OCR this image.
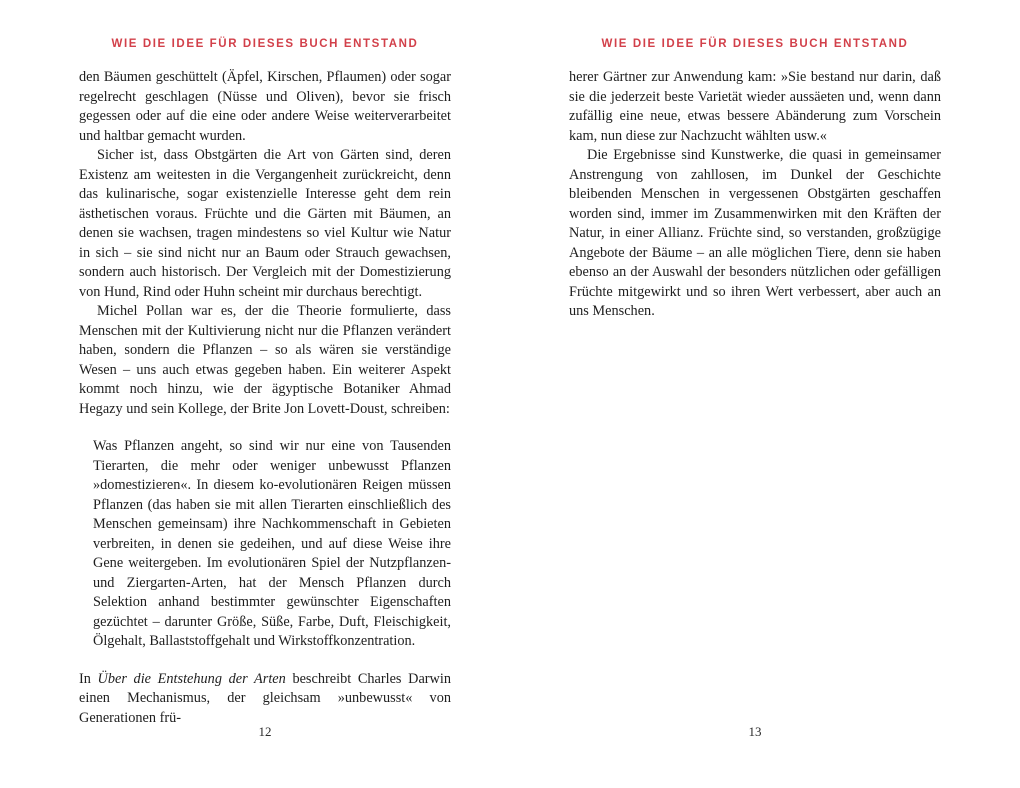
WIE DIE IDEE FÜR DIESES BUCH ENTSTAND

den Bäumen geschüttelt (Äpfel, Kirschen, Pflaumen) oder sogar regelrecht geschlagen (Nüsse und Oliven), bevor sie frisch gegessen oder auf die eine oder andere Weise weiterverarbeitet und haltbar gemacht wurden.

Sicher ist, dass Obstgärten die Art von Gärten sind, deren Existenz am weitesten in die Vergangenheit zurückreicht, denn das kulinarische, sogar existenzielle Interesse geht dem rein ästhetischen voraus. Früchte und die Gärten mit Bäumen, an denen sie wachsen, tragen mindestens so viel Kultur wie Natur in sich – sie sind nicht nur an Baum oder Strauch gewachsen, sondern auch historisch. Der Vergleich mit der Domestizierung von Hund, Rind oder Huhn scheint mir durchaus berechtigt.

Michel Pollan war es, der die Theorie formulierte, dass Menschen mit der Kultivierung nicht nur die Pflanzen verändert haben, sondern die Pflanzen – so als wären sie verständige Wesen – uns auch etwas gegeben haben. Ein weiterer Aspekt kommt noch hinzu, wie der ägyptische Botaniker Ahmad Hegazy und sein Kollege, der Brite Jon Lovett-Doust, schreiben:

Was Pflanzen angeht, so sind wir nur eine von Tausenden Tierarten, die mehr oder weniger unbewusst Pflanzen »domestizieren«. In diesem ko-evolutionären Reigen müssen Pflanzen (das haben sie mit allen Tierarten einschließlich des Menschen gemeinsam) ihre Nachkommenschaft in Gebieten verbreiten, in denen sie gedeihen, und auf diese Weise ihre Gene weitergeben. Im evolutionären Spiel der Nutzpflanzen- und Ziergarten-Arten, hat der Mensch Pflanzen durch Selektion anhand bestimmter gewünschter Eigenschaften gezüchtet – darunter Größe, Süße, Farbe, Duft, Fleischigkeit, Ölgehalt, Ballaststoffgehalt und Wirkstoffkonzentration.

In Über die Entstehung der Arten beschreibt Charles Darwin einen Mechanismus, der gleichsam »unbewusst« von Generationen frü-

12
WIE DIE IDEE FÜR DIESES BUCH ENTSTAND

herer Gärtner zur Anwendung kam: »Sie bestand nur darin, daß sie die jederzeit beste Varietät wieder aussäeten und, wenn dann zufällig eine neue, etwas bessere Abänderung zum Vorschein kam, nun diese zur Nachzucht wählten usw.«

Die Ergebnisse sind Kunstwerke, die quasi in gemeinsamer Anstrengung von zahllosen, im Dunkel der Geschichte bleibenden Menschen in vergessenen Obstgärten geschaffen worden sind, immer im Zusammenwirken mit den Kräften der Natur, in einer Allianz. Früchte sind, so verstanden, großzügige Angebote der Bäume – an alle möglichen Tiere, denn sie haben ebenso an der Auswahl der besonders nützlichen oder gefälligen Früchte mitgewirkt und so ihren Wert verbessert, aber auch an uns Menschen.

13
